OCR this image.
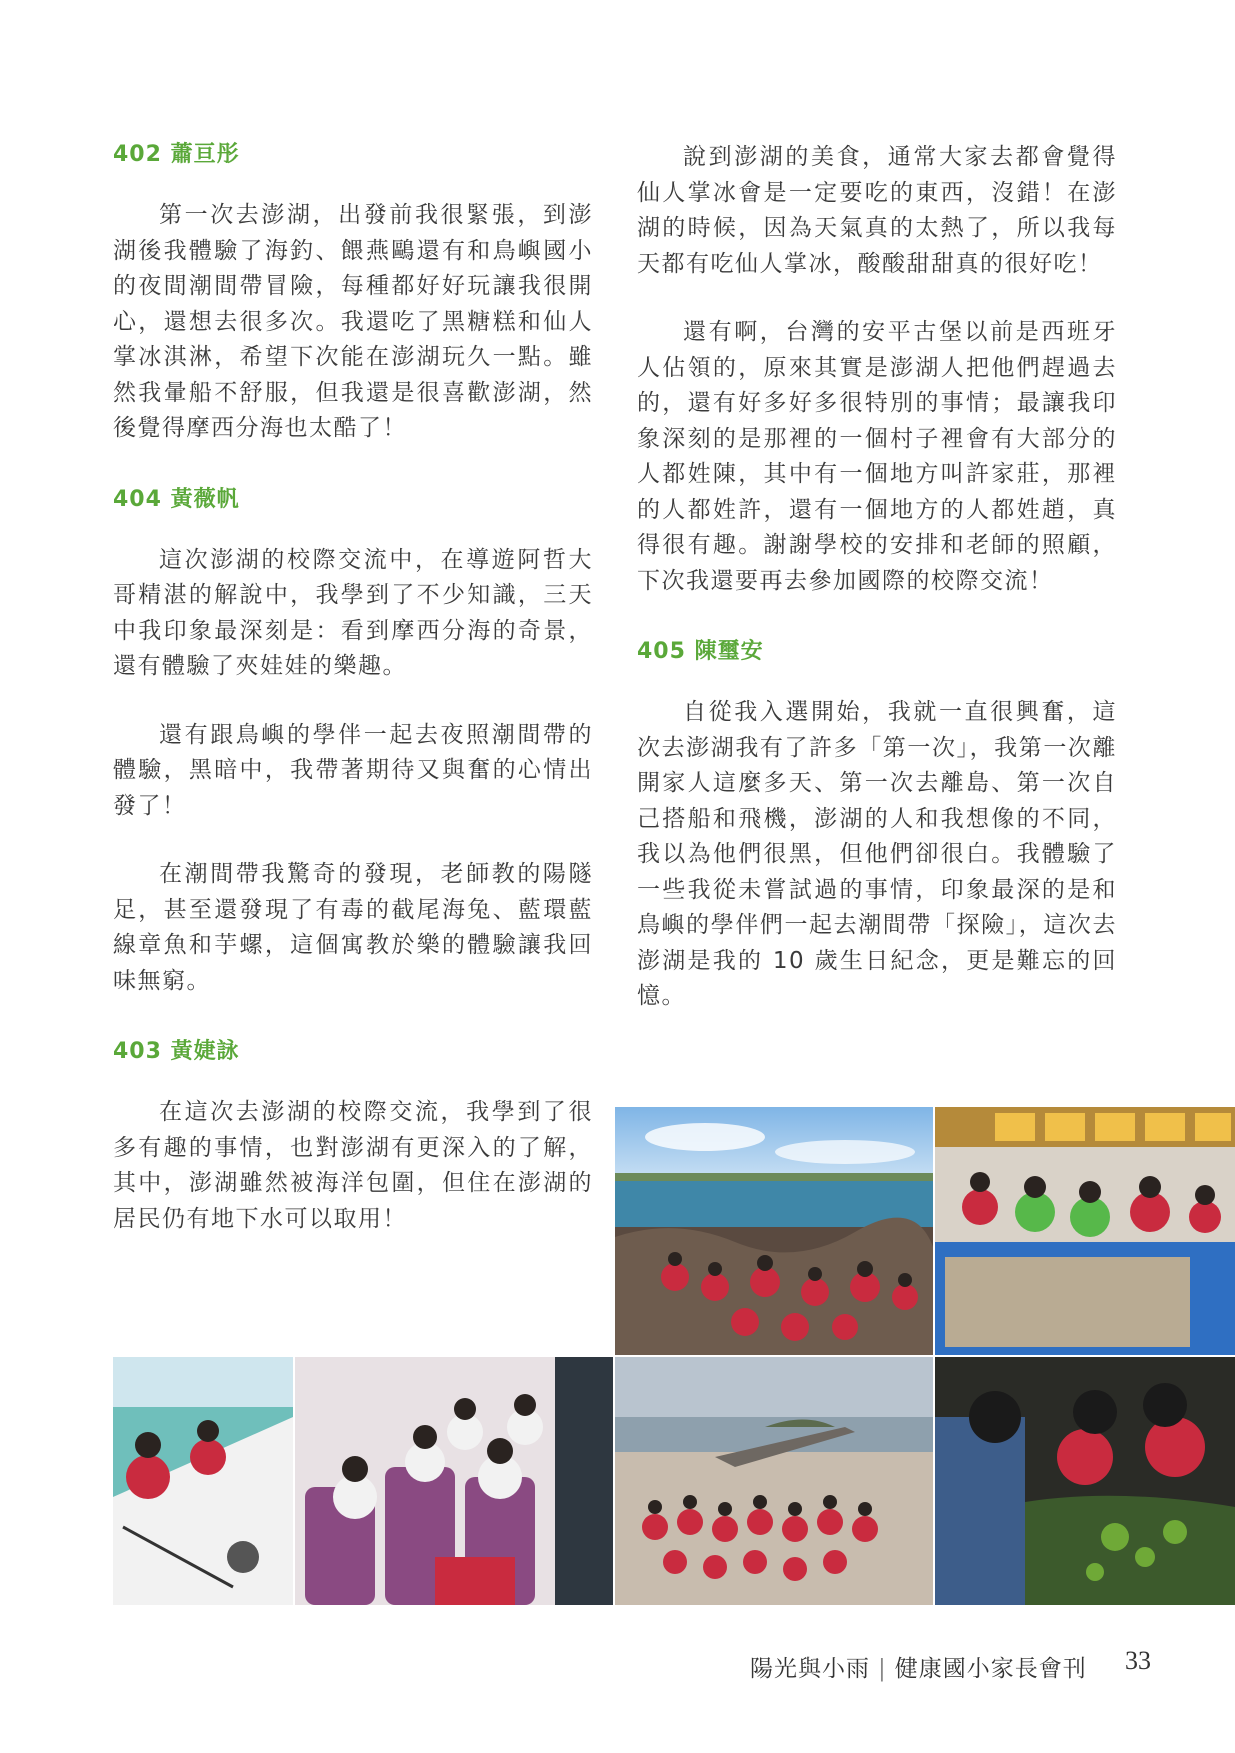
402 蕭亘彤

第一次去澎湖，出發前我很緊張，到澎湖後我體驗了海釣、餵燕鷗還有和鳥嶼國小的夜間潮間帶冒險，每種都好好玩讓我很開心，還想去很多次。我還吃了黑糖糕和仙人掌冰淇淋，希望下次能在澎湖玩久一點。雖然我暈船不舒服，但我還是很喜歡澎湖，然後覺得摩西分海也太酷了！

404 黃薇帆

這次澎湖的校際交流中，在導遊阿哲大哥精湛的解說中，我學到了不少知識，三天中我印象最深刻是：看到摩西分海的奇景，還有體驗了夾娃娃的樂趣。

還有跟鳥嶼的學伴一起去夜照潮間帶的體驗，黑暗中，我帶著期待又與奮的心情出發了！

在潮間帶我驚奇的發現，老師教的陽隧足，甚至還發現了有毒的截尾海兔、藍環藍線章魚和芋螺，這個寓教於樂的體驗讓我回味無窮。

403 黃婕詠

在這次去澎湖的校際交流，我學到了很多有趣的事情，也對澎湖有更深入的了解，其中，澎湖雖然被海洋包圍，但住在澎湖的居民仍有地下水可以取用！

說到澎湖的美食，通常大家去都會覺得仙人掌冰會是一定要吃的東西，沒錯！在澎湖的時候，因為天氣真的太熱了，所以我每天都有吃仙人掌冰，酸酸甜甜真的很好吃！

還有啊，台灣的安平古堡以前是西班牙人佔領的，原來其實是澎湖人把他們趕過去的，還有好多好多很特別的事情；最讓我印象深刻的是那裡的一個村子裡會有大部分的人都姓陳，其中有一個地方叫許家莊，那裡的人都姓許，還有一個地方的人都姓趙，真得很有趣。謝謝學校的安排和老師的照顧，下次我還要再去參加國際的校際交流！

405 陳璽安

自從我入選開始，我就一直很興奮，這次去澎湖我有了許多「第一次」，我第一次離開家人這麼多天、第一次去離島、第一次自己搭船和飛機，澎湖的人和我想像的不同，我以為他們很黑，但他們卻很白。我體驗了一些我從未嘗試過的事情，印象最深的是和鳥嶼的學伴們一起去潮間帶「探險」，這次去澎湖是我的 10 歲生日紀念，更是難忘的回憶。

陽光與小雨 | 健康國小家長會刊 33
